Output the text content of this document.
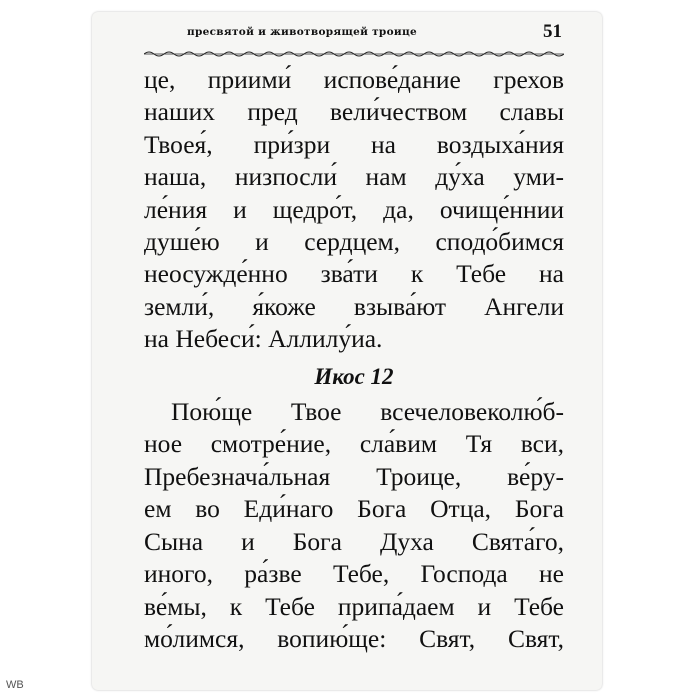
пресвятой и животворящей троице	51
це, приими́ испове́дание грехов
наших пред вели́чеством славы
Твоея́, при́зри на воздыха́ния
наша, низпосли́ нам ду́ха уми-
ле́ния и щедро́т, да, очище́ннии
душе́ю и сердцем, сподо́бимся
неосужде́нно зва́ти к Тебе на
земли́, я́коже взыва́ют Ангели
на Небеси́: Аллилу́иа.
Икос 12
Пою́ще Твое всечеловеколю́б-
ное смотре́ние, сла́вим Тя вси,
Пребезнача́льная Троице, ве́ру-
ем во Еди́наго Бога Отца, Бога
Сына и Бога Духа Свята́го,
иного, ра́зве Тебе, Господа не
ве́мы, к Тебе припа́даем и Тебе
мо́лимся, вопию́ще: Свят, Свят,
WB
